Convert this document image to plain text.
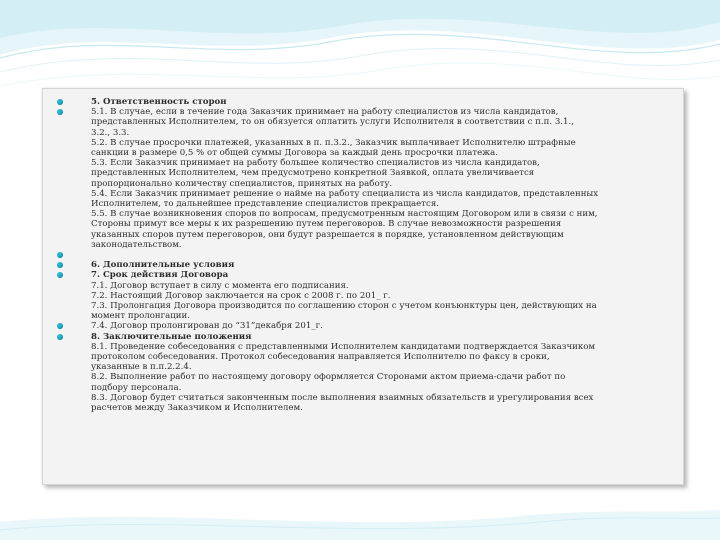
5. Ответственность сторон
5.1. В случае, если в течение года Заказчик принимает на работу специалистов из числа кандидатов,
представленных Исполнителем, то он обязуется оплатить услуги Исполнителя в соответствии с п.п. 3.1.,
3.2., 3.3.
5.2. В случае просрочки платежей, указанных в п. п.3.2., Заказчик выплачивает Исполнителю штрафные
санкции в размере 0,5 % от общей суммы Договора за каждый день просрочки платежа.
5.3. Если Заказчик принимает на работу большее количество специалистов из числа кандидатов,
представленных Исполнителем, чем предусмотрено конкретной Заявкой, оплата увеличивается
пропорционально количеству специалистов, принятых на работу.
5.4. Если Заказчик принимает решение о найме на работу специалиста из числа кандидатов, представленных
Исполнителем, то дальнейшее представление специалистов прекращается.
5.5. В случае возникновения споров по вопросам, предусмотренным настоящим Договором или в связи с ним,
Стороны примут все меры к их разрешению путем переговоров. В случае невозможности разрешения
указанных споров путем переговоров, они будут разрешается в порядке, установленном действующим
законодательством.
6. Дополнительные условия
7. Срок действия Договора
7.1. Договор вступает в силу с момента его подписания.
7.2. Настоящий Договор заключается на срок с 2008 г. по 201_ г.
7.3. Пролонгация Договора производится по соглашению сторон с учетом конъюнктуры цен, действующих на
момент пролонгации.
7.4. Договор пролонгирован до “31”декабря 201_г.
8. Заключительные положения
8.1. Проведение собеседования с представленными Исполнителем кандидатами подтверждается Заказчиком
протоколом собеседования. Протокол собеседования направляется Исполнителю по факсу в сроки,
указанные в п.п.2.2.4.
8.2. Выполнение работ по настоящему договору оформляется Сторонами актом приема-сдачи работ по
подбору персонала.
8.3. Договор будет считаться законченным после выполнения взаимных обязательств и урегулирования всех
расчетов между Заказчиком и Исполнителем.
